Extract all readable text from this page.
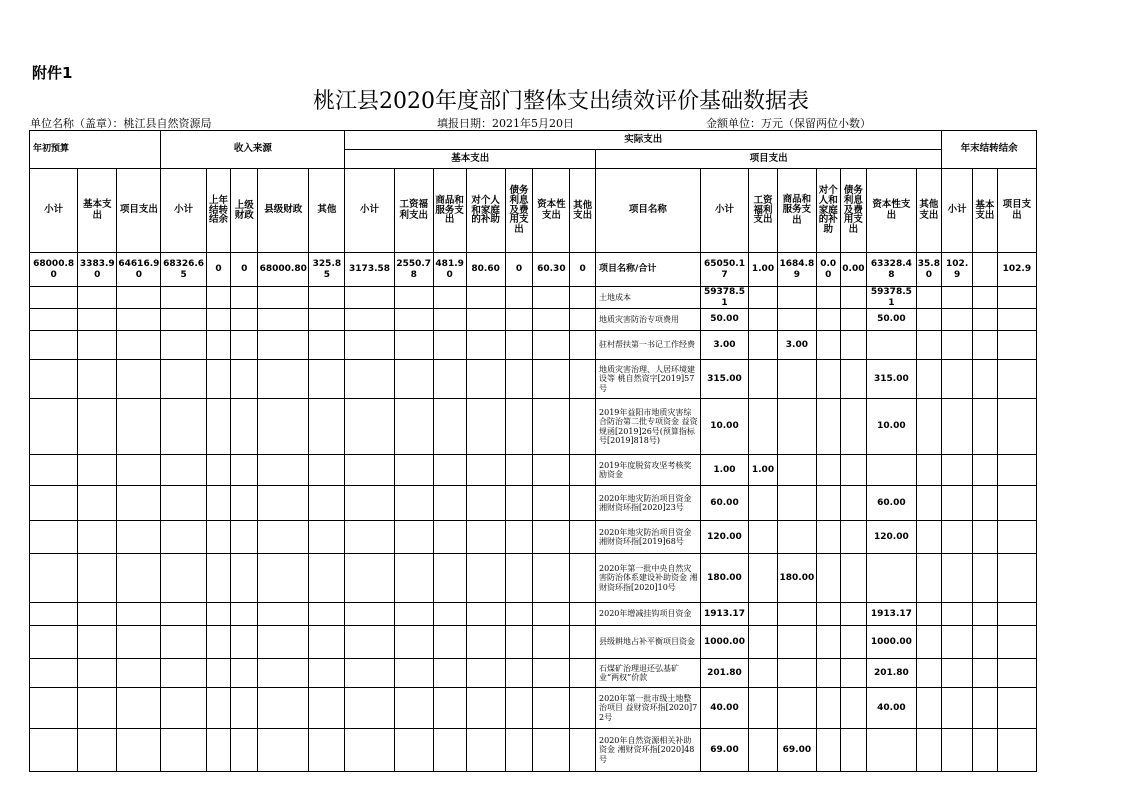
附件1
桃江县2020年度部门整体支出绩效评价基础数据表
单位名称（盖章）：桃江县自然资源局	填报日期：2021年5月20日	金额单位：万元（保留两位小数）
年初预算			收入来源					实际支出															年末结转结余		
								基本支出							项目支出										
小计	基本支出	项目支出	小计	上年结转结余	上级财政	县级财政	其他	小计	工资福利支出	商品和服务支出	对个人和家庭的补助	债务利息及费用支出	资本性支出	其他支出	项目名称	小计	工资福利支出	商品和服务支出	对个人和家庭的补助	债务利息及费用支出	资本性支出	其他支出	小计	基本支出	项目支出
68000.80	3383.90	64616.90	68326.65	0	0	68000.80	325.85	3173.58	2550.78	481.90	80.60	0	60.30	0	项目名称/合计	65050.17	1.00	1684.89	0.00	0.00	63328.48	35.80	102.9		102.9
															土地成本	59378.51					59378.51				
															地质灾害防治专项费用	50.00					50.00				
															驻村帮扶第一书记工作经费	3.00		3.00							
															地质灾害治理、人居环境建设等 桃自然资字[2019]57号	315.00					315.00				
															2019年益阳市地质灾害综合防治第二批专项资金 益资规函[2019]26号(预算指标号[2019]818号)	10.00					10.00				
															2019年度脱贫攻坚考核奖励资金	1.00	1.00								
															2020年地灾防治项目资金 湘财资环指[2020]23号	60.00					60.00				
															2020年地灾防治项目资金 湘财资环指[2019]68号	120.00					120.00				
															2020年第一批中央自然灾害防治体系建设补助资金 湘财资环指[2020]10号	180.00		180.00							
															2020年增减挂钩项目资金	1913.17					1913.17				
															县级耕地占补平衡项目资金	1000.00					1000.00				
															石煤矿治理退还弘基矿业“两权”价款	201.80					201.80				
															2020年第一批市级土地整治项目 益财资环指[2020]72号	40.00					40.00				
															2020年自然资源相关补助资金 湘财资环指[2020]48号	69.00		69.00							
